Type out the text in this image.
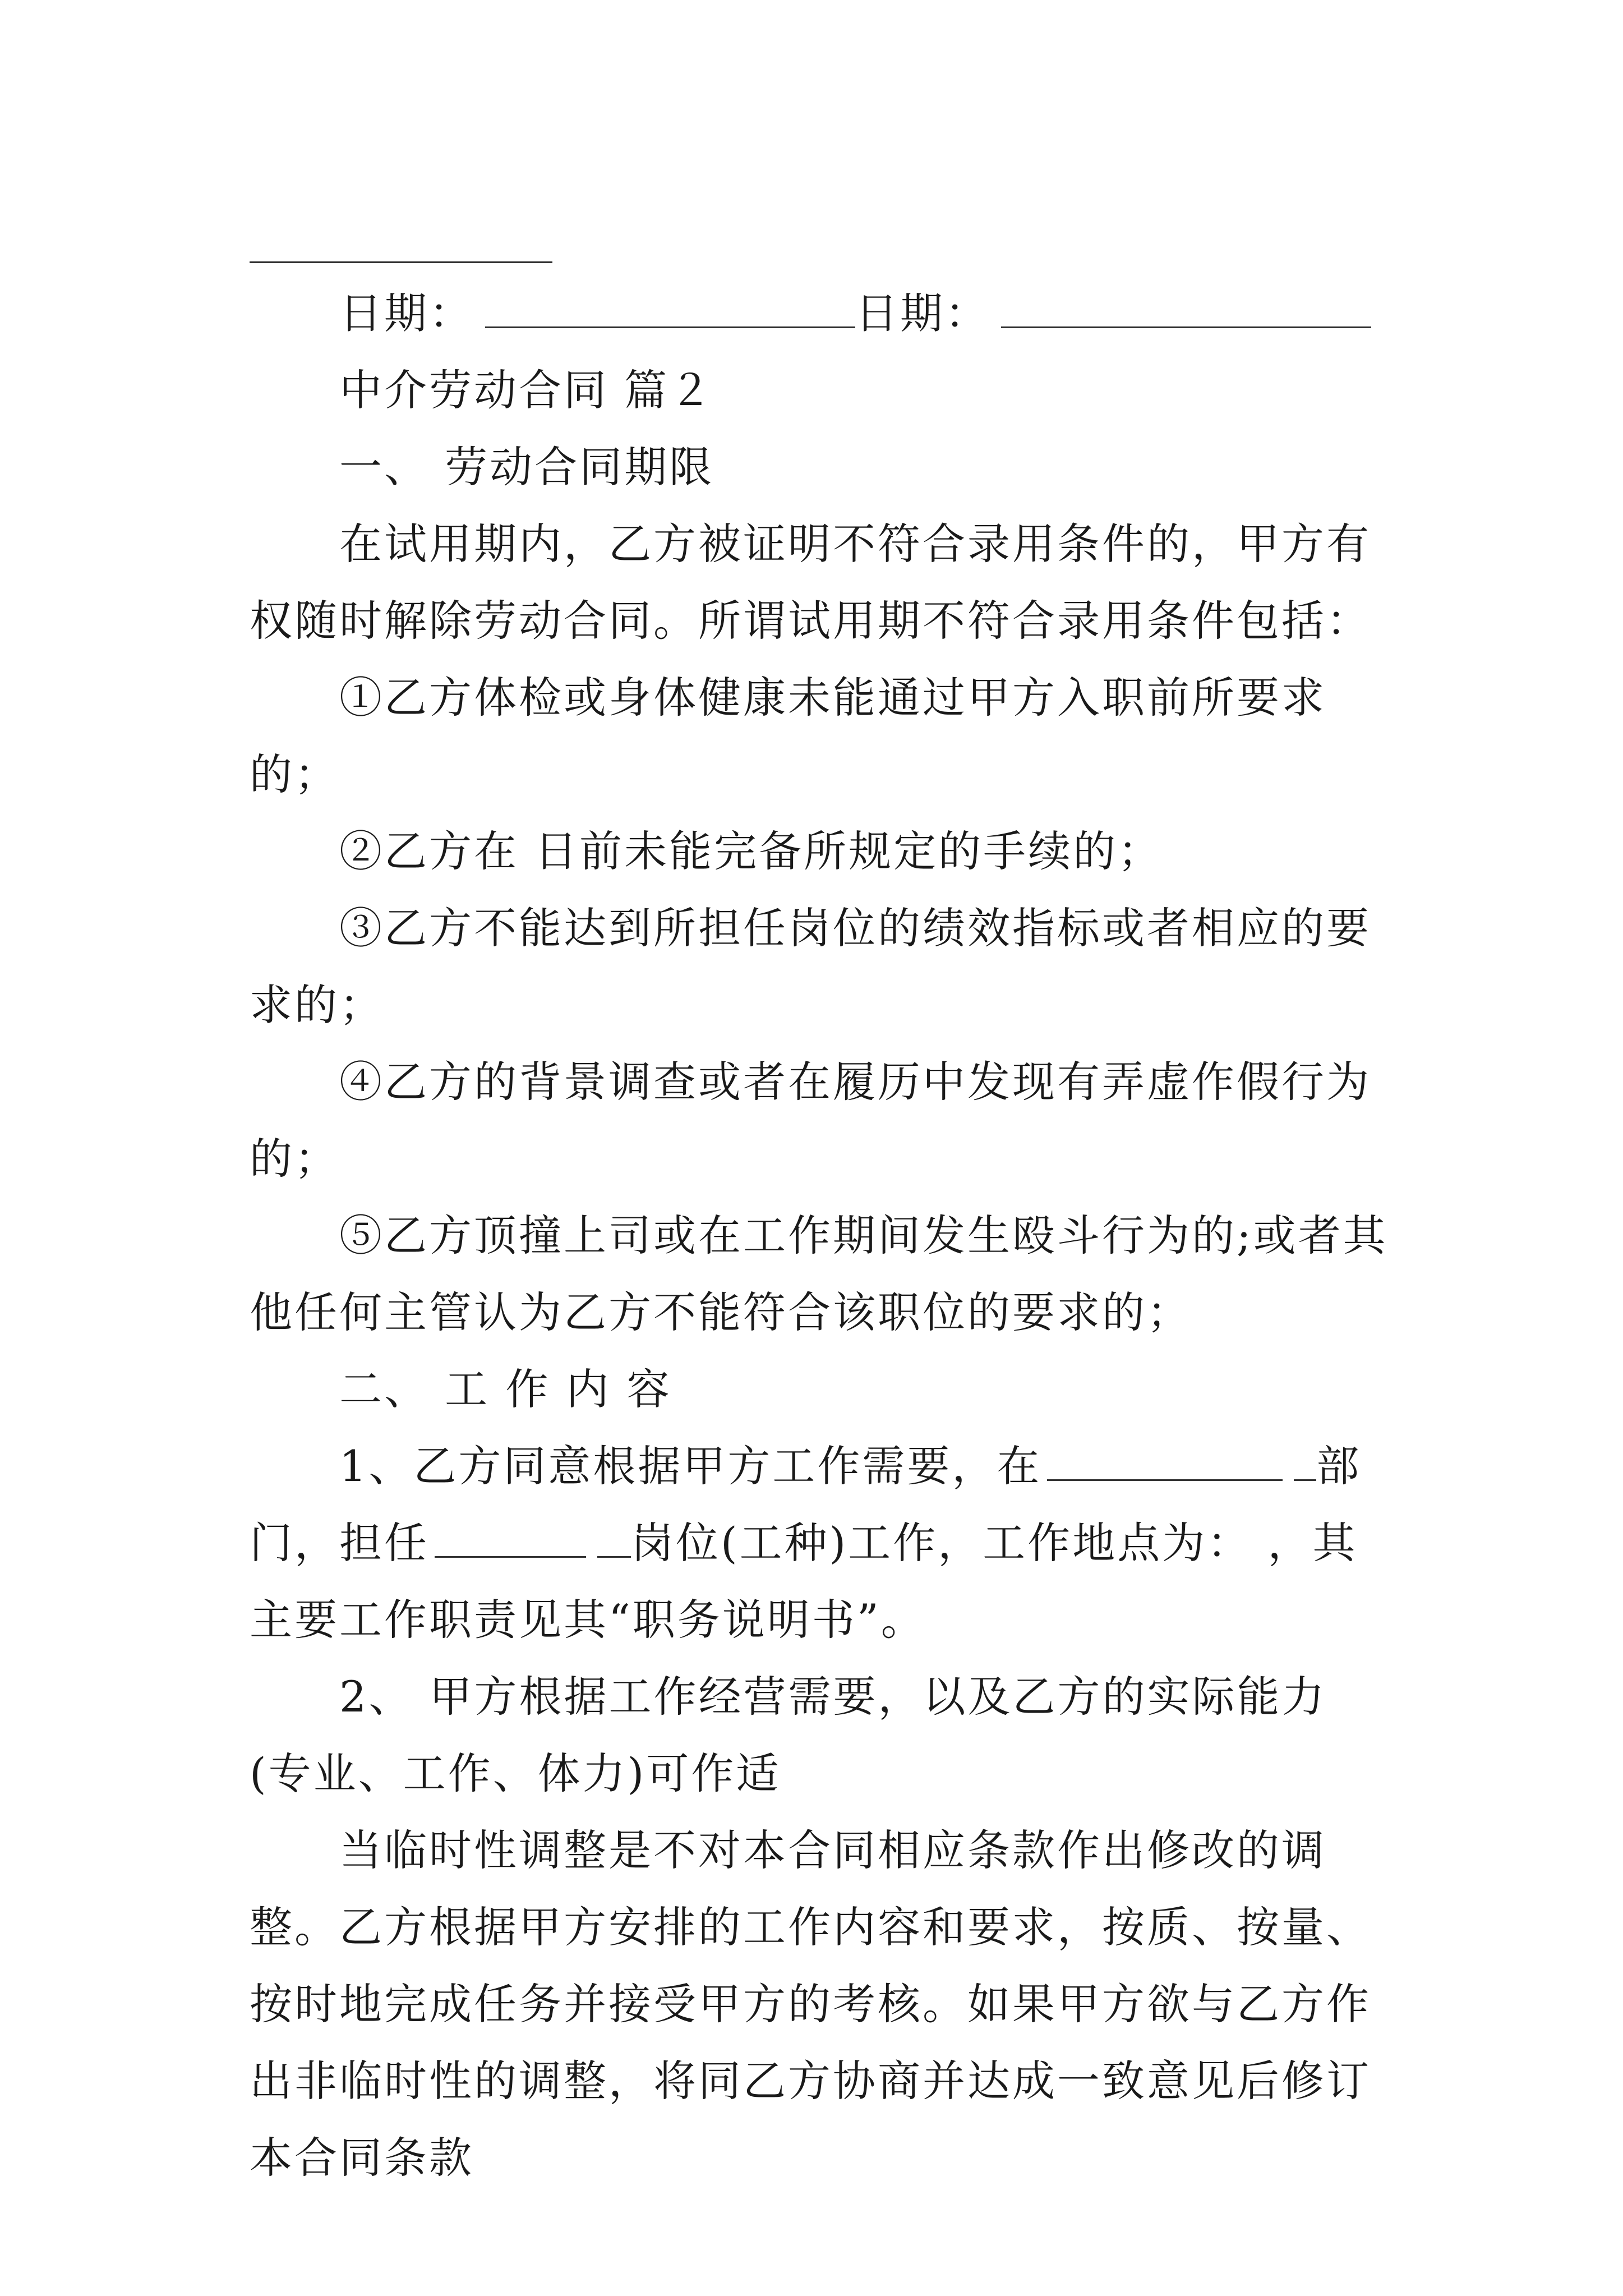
日期：	日期：

中介劳动合同 篇２

一、 劳动合同期限

在试用期内，乙方被证明不符合录用条件的，甲方有权随时解除劳动合同。所谓试用期不符合录用条件包括：

①乙方体检或身体健康未能通过甲方入职前所要求的；

②乙方在 日前未能完备所规定的手续的；

③乙方不能达到所担任岗位的绩效指标或者相应的要求的；

④乙方的背景调查或者在履历中发现有弄虚作假行为的；

⑤乙方顶撞上司或在工作期间发生殴斗行为的;或者其他任何主管认为乙方不能符合该职位的要求的；

二、 工 作 内 容

1、乙方同意根据甲方工作需要，在	部门，担任	岗位(工种)工作，工作地点为： ，其主要工作职责见其“职务说明书”。

2、 甲方根据工作经营需要，以及乙方的实际能力(专业、工作、体力)可作适

当临时性调整是不对本合同相应条款作出修改的调整。乙方根据甲方安排的工作内容和要求，按质、按量、按时地完成任务并接受甲方的考核。如果甲方欲与乙方作出非临时性的调整，将同乙方协商并达成一致意见后修订本合同条款
